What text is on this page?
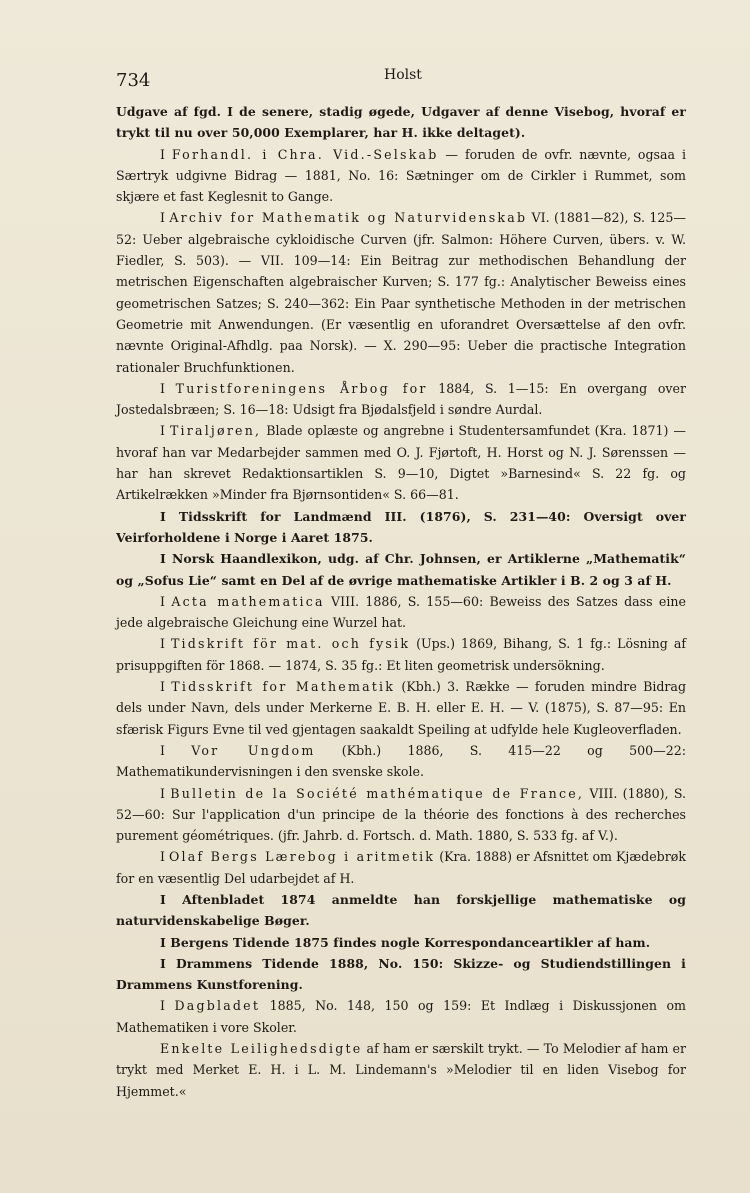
734	Holst

Udgave af fgd. I de senere, stadig øgede, Udgaver af denne Visebog, hvoraf er trykt til nu over 50,000 Exemplarer, har H. ikke deltaget).

I Forhandl. i Chra. Vid.-Selskab — foruden de ovfr. nævnte, ogsaa i Særtryk udgivne Bidrag — 1881, No. 16: Sætninger om de Cirkler i Rummet, som skjære et fast Keglesnit to Gange.

I Archiv for Mathematik og Naturvidenskab VI. (1881—82), S. 125—52: Ueber algebraische cykloidische Curven (jfr. Salmon: Höhere Curven, übers. v. W. Fiedler, S. 503). — VII. 109—14: Ein Beitrag zur methodischen Behandlung der metrischen Eigenschaften algebraischer Kurven; S. 177 fg.: Analytischer Beweiss eines geometrischen Satzes; S. 240—362: Ein Paar synthetische Methoden in der metrischen Geometrie mit Anwendungen. (Er væsentlig en uforandret Oversættelse af den ovfr. nævnte Original-Afhdlg. paa Norsk). — X. 290—95: Ueber die practische Integration rationaler Bruchfunktionen.

I Turistforeningens Årbog for 1884, S. 1—15: En overgang over Jostedalsbræen; S. 16—18: Udsigt fra Bjødalsfjeld i søndre Aurdal.

I Tiraljøren, Blade oplæste og angrebne i Studentersamfundet (Kra. 1871) — hvoraf han var Medarbejder sammen med O. J. Fjørtoft, H. Horst og N. J. Sørenssen — har han skrevet Redaktionsartiklen S. 9—10, Digtet »Barnesind« S. 22 fg. og Artikelrækken »Minder fra Bjørnsontiden« S. 66—81.

I Tidsskrift for Landmænd III. (1876), S. 231—40: Oversigt over Veirforholdene i Norge i Aaret 1875.

I Norsk Haandlexikon, udg. af Chr. Johnsen, er Artiklerne „Mathematik“ og „Sofus Lie“ samt en Del af de øvrige mathematiske Artikler i B. 2 og 3 af H.

I Acta mathematica VIII. 1886, S. 155—60: Beweiss des Satzes dass eine jede algebraische Gleichung eine Wurzel hat.

I Tidskrift för mat. och fysik (Ups.) 1869, Bihang, S. 1 fg.: Lösning af prisuppgiften för 1868. — 1874, S. 35 fg.: Et liten geometrisk undersökning.

I Tidsskrift for Mathematik (Kbh.) 3. Række — foruden mindre Bidrag dels under Navn, dels under Merkerne E. B. H. eller E. H. — V. (1875), S. 87—95: En sfærisk Figurs Evne til ved gjentagen saakaldt Speiling at udfylde hele Kugleoverfladen.

I Vor Ungdom (Kbh.) 1886, S. 415—22 og 500—22: Mathematikundervisningen i den svenske skole.

I Bulletin de la Société mathématique de France, VIII. (1880), S. 52—60: Sur l'application d'un principe de la théorie des fonctions à des recherches purement géométriques. (jfr. Jahrb. d. Fortsch. d. Math. 1880, S. 533 fg. af V.).

I Olaf Bergs Lærebog i aritmetik (Kra. 1888) er Afsnittet om Kjædebrøk for en væsentlig Del udarbejdet af H.

I Aftenbladet 1874 anmeldte han forskjellige mathematiske og naturvidenskabelige Bøger.

I Bergens Tidende 1875 findes nogle Korrespondanceartikler af ham.

I Drammens Tidende 1888, No. 150: Skizze- og Studiendstillingen i Drammens Kunstforening.

I Dagbladet 1885, No. 148, 150 og 159: Et Indlæg i Diskussjonen om Mathematiken i vore Skoler.

Enkelte Leilighedsdigte af ham er særskilt trykt. — To Melodier af ham er trykt med Merket E. H. i L. M. Lindemann's »Melodier til en liden Visebog for Hjemmet.«
